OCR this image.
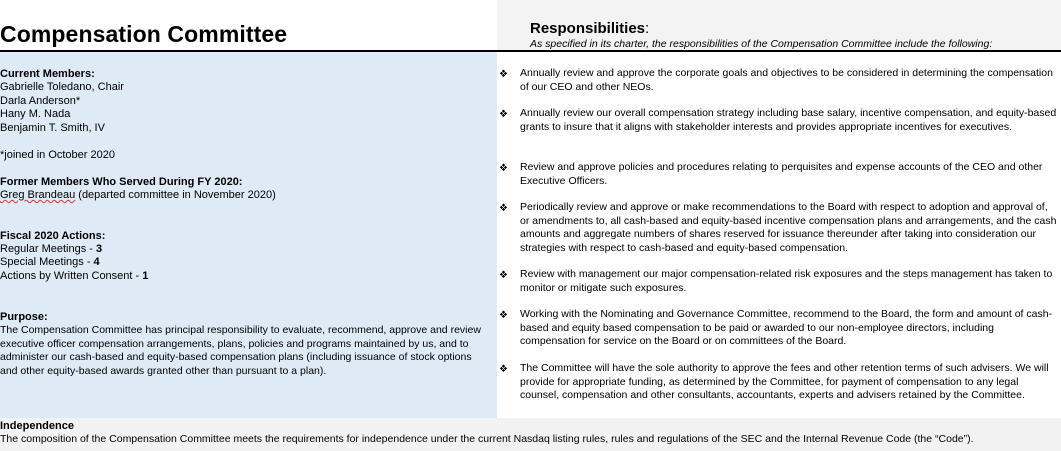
Compensation Committee	Responsibilities:
As specified in its charter, the responsibilities of the Compensation Committee include the following:
Current Members:
Gabrielle Toledano, Chair
Darla Anderson*
Hany M. Nada
Benjamin T. Smith, IV
*joined in October 2020
Former Members Who Served During FY 2020:
Greg Brandeau (departed committee in November 2020)
Fiscal 2020 Actions:
Regular Meetings - 3
Special Meetings - 4
Actions by Written Consent - 1
Purpose:
The Compensation Committee has principal responsibility to evaluate, recommend, approve and review executive officer compensation arrangements, plans, policies and programs maintained by us, and to administer our cash-based and equity-based compensation plans (including issuance of stock options and other equity-based awards granted other than pursuant to a plan).
❖ Annually review and approve the corporate goals and objectives to be considered in determining the compensation of our CEO and other NEOs.
❖ Annually review our overall compensation strategy including base salary, incentive compensation, and equity-based grants to insure that it aligns with stakeholder interests and provides appropriate incentives for executives.
❖ Review and approve policies and procedures relating to perquisites and expense accounts of the CEO and other Executive Officers.
❖ Periodically review and approve or make recommendations to the Board with respect to adoption and approval of, or amendments to, all cash-based and equity-based incentive compensation plans and arrangements, and the cash amounts and aggregate numbers of shares reserved for issuance thereunder after taking into consideration our strategies with respect to cash-based and equity-based compensation.
❖ Review with management our major compensation-related risk exposures and the steps management has taken to monitor or mitigate such exposures.
❖ Working with the Nominating and Governance Committee, recommend to the Board, the form and amount of cash-based and equity based compensation to be paid or awarded to our non-employee directors, including compensation for service on the Board or on committees of the Board.
❖ The Committee will have the sole authority to approve the fees and other retention terms of such advisers. We will provide for appropriate funding, as determined by the Committee, for payment of compensation to any legal counsel, compensation and other consultants, accountants, experts and advisers retained by the Committee.
Independence
The composition of the Compensation Committee meets the requirements for independence under the current Nasdaq listing rules, rules and regulations of the SEC and the Internal Revenue Code (the “Code”).
